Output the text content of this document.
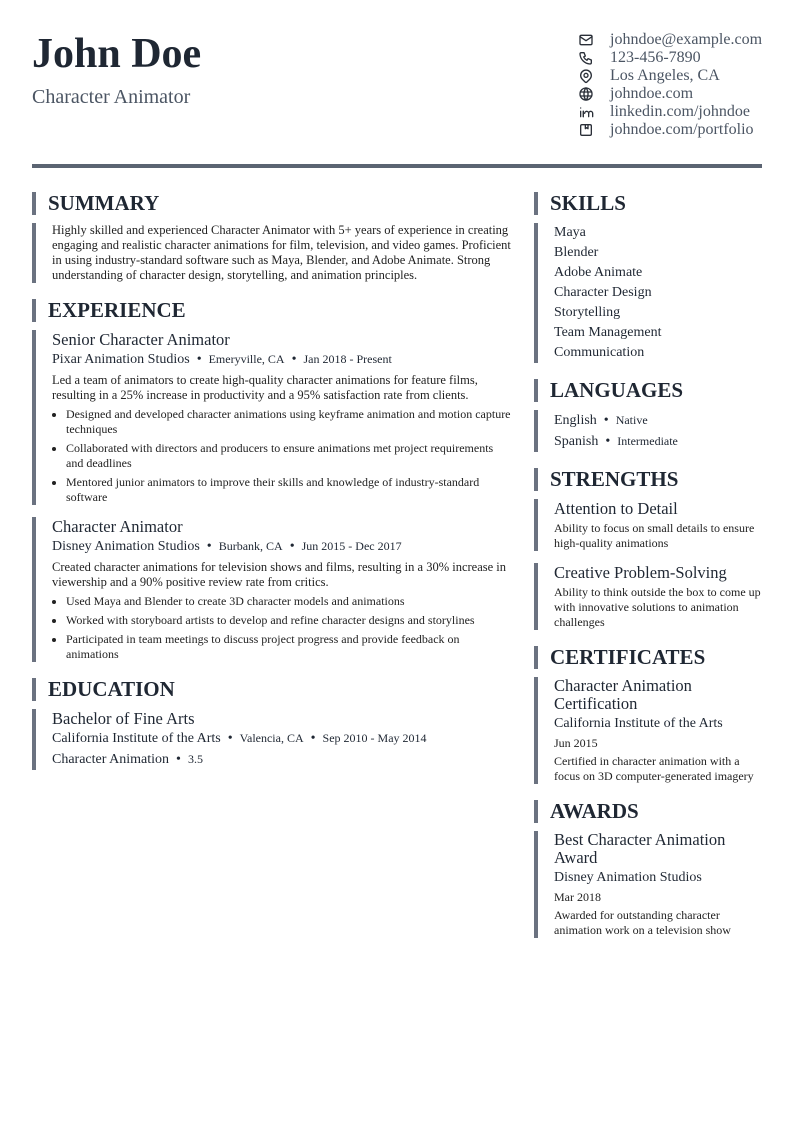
John Doe
Character Animator
johndoe@example.com
123-456-7890
Los Angeles, CA
johndoe.com
linkedin.com/johndoe
johndoe.com/portfolio
SUMMARY
Highly skilled and experienced Character Animator with 5+ years of experience in creating engaging and realistic character animations for film, television, and video games. Proficient in using industry-standard software such as Maya, Blender, and Adobe Animate. Strong understanding of character design, storytelling, and animation principles.
EXPERIENCE
Senior Character Animator
Pixar Animation Studios • Emeryville, CA • Jan 2018 - Present
Led a team of animators to create high-quality character animations for feature films, resulting in a 25% increase in productivity and a 95% satisfaction rate from clients.
• Designed and developed character animations using keyframe animation and motion capture techniques
• Collaborated with directors and producers to ensure animations met project requirements and deadlines
• Mentored junior animators to improve their skills and knowledge of industry-standard software
Character Animator
Disney Animation Studios • Burbank, CA • Jun 2015 - Dec 2017
Created character animations for television shows and films, resulting in a 30% increase in viewership and a 90% positive review rate from critics.
• Used Maya and Blender to create 3D character models and animations
• Worked with storyboard artists to develop and refine character designs and storylines
• Participated in team meetings to discuss project progress and provide feedback on animations
EDUCATION
Bachelor of Fine Arts
California Institute of the Arts • Valencia, CA • Sep 2010 - May 2014
Character Animation • 3.5
SKILLS
Maya
Blender
Adobe Animate
Character Design
Storytelling
Team Management
Communication
LANGUAGES
English • Native
Spanish • Intermediate
STRENGTHS
Attention to Detail
Ability to focus on small details to ensure high-quality animations
Creative Problem-Solving
Ability to think outside the box to come up with innovative solutions to animation challenges
CERTIFICATES
Character Animation Certification
California Institute of the Arts
Jun 2015
Certified in character animation with a focus on 3D computer-generated imagery
AWARDS
Best Character Animation Award
Disney Animation Studios
Mar 2018
Awarded for outstanding character animation work on a television show
